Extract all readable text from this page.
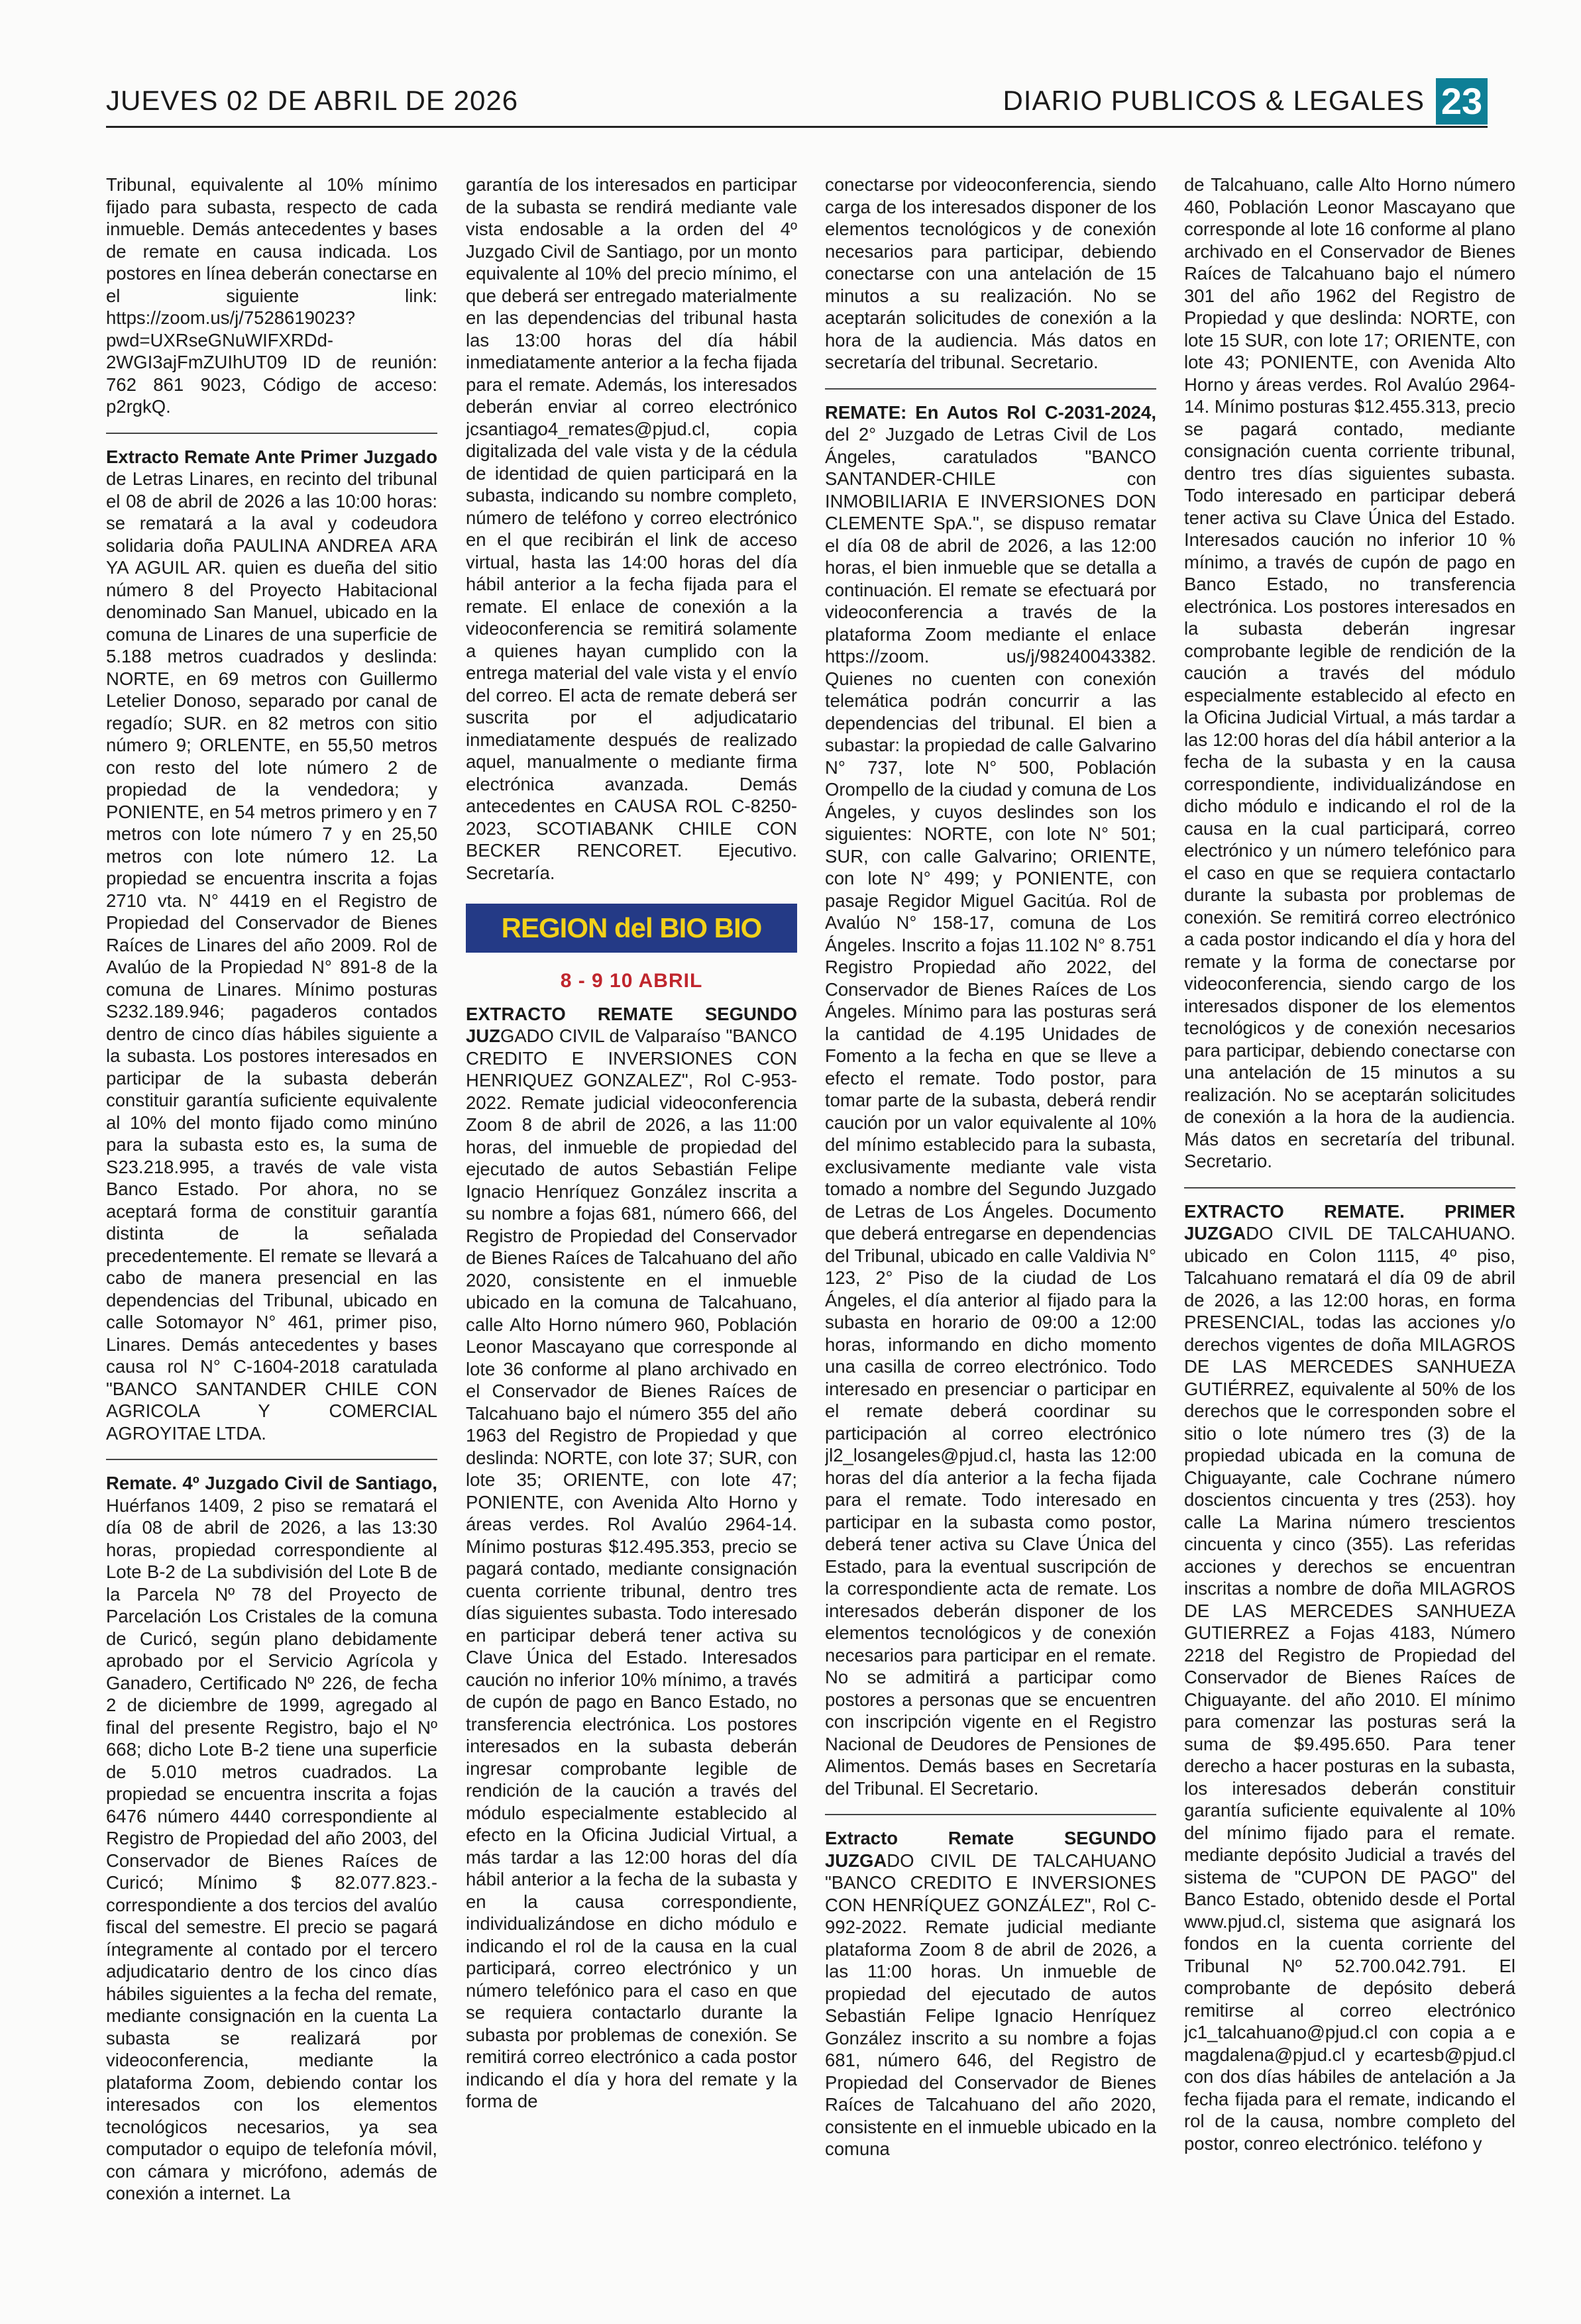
JUEVES 02 DE ABRIL DE 2026	DIARIO PUBLICOS & LEGALES 23

Tribunal, equivalente al 10% mínimo fijado para subasta, respecto de cada inmueble. Demás antecedentes y bases de remate en causa indicada. Los postores en línea deberán conectarse en el siguiente link: https://zoom.us/j/7528619023?pwd=UXRseGNuWIFXRDd-2WGI3ajFmZUIhUT09 ID de reunión: 762 861 9023, Código de acceso: p2rgkQ.

Extracto Remate Ante Primer Juzgado de Letras Linares, en recinto del tribunal el 08 de abril de 2026 a las 10:00 horas: se rematará a la aval y codeudora solidaria doña PAULINA ANDREA ARA YA AGUIL AR. quien es dueña del sitio número 8 del Proyecto Habitacional denominado San Manuel, ubicado en la comuna de Linares de una superficie de 5.188 metros cuadrados y deslinda: NORTE, en 69 metros con Guillermo Letelier Donoso, separado por canal de regadío; SUR. en 82 metros con sitio número 9; ORLENTE, en 55,50 metros con resto del lote número 2 de propiedad de la vendedora; y PONIENTE, en 54 metros primero y en 7 metros con lote número 7 y en 25,50 metros con lote número 12. La propiedad se encuentra inscrita a fojas 2710 vta. N° 4419 en el Registro de Propiedad del Conservador de Bienes Raíces de Linares del año 2009. Rol de Avalúo de la Propiedad N° 891-8 de la comuna de Linares. Mínimo posturas S232.189.946; pagaderos contados dentro de cinco días hábiles siguiente a la subasta. Los postores interesados en participar de la subasta deberán constituir garantía suficiente equivalente al 10% del monto fijado como minúno para la subasta esto es, la suma de S23.218.995, a través de vale vista Banco Estado. Por ahora, no se aceptará forma de constituir garantía distinta de la señalada precedentemente. El remate se llevará a cabo de manera presencial en las dependencias del Tribunal, ubicado en calle Sotomayor N° 461, primer piso, Linares. Demás antecedentes y bases causa rol N° C-1604-2018 caratulada "BANCO SANTANDER CHILE CON AGRICOLA Y COMERCIAL AGROYITAE LTDA.

Remate. 4º Juzgado Civil de Santiago, Huérfanos 1409, 2 piso se rematará el día 08 de abril de 2026, a las 13:30 horas, propiedad correspondiente al Lote B-2 de La subdivisión del Lote B de la Parcela Nº 78 del Proyecto de Parcelación Los Cristales de la comuna de Curicó, según plano debidamente aprobado por el Servicio Agrícola y Ganadero, Certificado Nº 226, de fecha 2 de diciembre de 1999, agregado al final del presente Registro, bajo el Nº 668; dicho Lote B-2 tiene una superficie de 5.010 metros cuadrados. La propiedad se encuentra inscrita a fojas 6476 número 4440 correspondiente al Registro de Propiedad del año 2003, del Conservador de Bienes Raíces de Curicó; Mínimo $ 82.077.823.- correspondiente a dos tercios del avalúo fiscal del semestre. El precio se pagará íntegramente al contado por el tercero adjudicatario dentro de los cinco días hábiles siguientes a la fecha del remate, mediante consignación en la cuenta La subasta se realizará por videoconferencia, mediante la plataforma Zoom, debiendo contar los interesados con los elementos tecnológicos necesarios, ya sea computador o equipo de telefonía móvil, con cámara y micrófono, además de conexión a internet. La

garantía de los interesados en participar de la subasta se rendirá mediante vale vista endosable a la orden del 4º Juzgado Civil de Santiago, por un monto equivalente al 10% del precio mínimo, el que deberá ser entregado materialmente en las dependencias del tribunal hasta las 13:00 horas del día hábil inmediatamente anterior a la fecha fijada para el remate. Además, los interesados deberán enviar al correo electrónico jcsantiago4_remates@pjud.cl, copia digitalizada del vale vista y de la cédula de identidad de quien participará en la subasta, indicando su nombre completo, número de teléfono y correo electrónico en el que recibirán el link de acceso virtual, hasta las 14:00 horas del día hábil anterior a la fecha fijada para el remate. El enlace de conexión a la videoconferencia se remitirá solamente a quienes hayan cumplido con la entrega material del vale vista y el envío del correo. El acta de remate deberá ser suscrita por el adjudicatario inmediatamente después de realizado aquel, manualmente o mediante firma electrónica avanzada. Demás antecedentes en CAUSA ROL C-8250-2023, SCOTIABANK CHILE CON BECKER RENCORET. Ejecutivo. Secretaría.

REGION del BIO BIO
8 - 9 10 ABRIL

EXTRACTO REMATE SEGUNDO JUZGADO CIVIL de Valparaíso "BANCO CREDITO E INVERSIONES CON HENRIQUEZ GONZALEZ", Rol C-953-2022. Remate judicial videoconferencia Zoom 8 de abril de 2026, a las 11:00 horas, del inmueble de propiedad del ejecutado de autos Sebastián Felipe Ignacio Henríquez González inscrita a su nombre a fojas 681, número 666, del Registro de Propiedad del Conservador de Bienes Raíces de Talcahuano del año 2020, consistente en el inmueble ubicado en la comuna de Talcahuano, calle Alto Horno número 960, Población Leonor Mascayano que corresponde al lote 36 conforme al plano archivado en el Conservador de Bienes Raíces de Talcahuano bajo el número 355 del año 1963 del Registro de Propiedad y que deslinda: NORTE, con lote 37; SUR, con lote 35; ORIENTE, con lote 47; PONIENTE, con Avenida Alto Horno y áreas verdes. Rol Avalúo 2964-14. Mínimo posturas $12.495.353, precio se pagará contado, mediante consignación cuenta corriente tribunal, dentro tres días siguientes subasta. Todo interesado en participar deberá tener activa su Clave Única del Estado. Interesados caución no inferior 10% mínimo, a través de cupón de pago en Banco Estado, no transferencia electrónica. Los postores interesados en la subasta deberán ingresar comprobante legible de rendición de la caución a través del módulo especialmente establecido al efecto en la Oficina Judicial Virtual, a más tardar a las 12:00 horas del día hábil anterior a la fecha de la subasta y en la causa correspondiente, individualizándose en dicho módulo e indicando el rol de la causa en la cual participará, correo electrónico y un número telefónico para el caso en que se requiera contactarlo durante la subasta por problemas de conexión. Se remitirá correo electrónico a cada postor indicando el día y hora del remate y la forma de

conectarse por videoconferencia, siendo carga de los interesados disponer de los elementos tecnológicos y de conexión necesarios para participar, debiendo conectarse con una antelación de 15 minutos a su realización. No se aceptarán solicitudes de conexión a la hora de la audiencia. Más datos en secretaría del tribunal. Secretario.

REMATE: En Autos Rol C-2031-2024, del 2° Juzgado de Letras Civil de Los Ángeles, caratulados "BANCO SANTANDER-CHILE con INMOBILIARIA E INVERSIONES DON CLEMENTE SpA.", se dispuso rematar el día 08 de abril de 2026, a las 12:00 horas, el bien inmueble que se detalla a continuación. El remate se efectuará por videoconferencia a través de la plataforma Zoom mediante el enlace https://zoom. us/j/98240043382. Quienes no cuenten con conexión telemática podrán concurrir a las dependencias del tribunal. El bien a subastar: la propiedad de calle Galvarino N° 737, lote N° 500, Población Orompello de la ciudad y comuna de Los Ángeles, y cuyos deslindes son los siguientes: NORTE, con lote N° 501; SUR, con calle Galvarino; ORIENTE, con lote N° 499; y PONIENTE, con pasaje Regidor Miguel Gacitúa. Rol de Avalúo N° 158-17, comuna de Los Ángeles. Inscrito a fojas 11.102 N° 8.751 Registro Propiedad año 2022, del Conservador de Bienes Raíces de Los Ángeles. Mínimo para las posturas será la cantidad de 4.195 Unidades de Fomento a la fecha en que se lleve a efecto el remate. Todo postor, para tomar parte de la subasta, deberá rendir caución por un valor equivalente al 10% del mínimo establecido para la subasta, exclusivamente mediante vale vista tomado a nombre del Segundo Juzgado de Letras de Los Ángeles. Documento que deberá entregarse en dependencias del Tribunal, ubicado en calle Valdivia N° 123, 2° Piso de la ciudad de Los Ángeles, el día anterior al fijado para la subasta en horario de 09:00 a 12:00 horas, informando en dicho momento una casilla de correo electrónico. Todo interesado en presenciar o participar en el remate deberá coordinar su participación al correo electrónico jl2_losangeles@pjud.cl, hasta las 12:00 horas del día anterior a la fecha fijada para el remate. Todo interesado en participar en la subasta como postor, deberá tener activa su Clave Única del Estado, para la eventual suscripción de la correspondiente acta de remate. Los interesados deberán disponer de los elementos tecnológicos y de conexión necesarios para participar en el remate. No se admitirá a participar como postores a personas que se encuentren con inscripción vigente en el Registro Nacional de Deudores de Pensiones de Alimentos. Demás bases en Secretaría del Tribunal. El Secretario.

Extracto Remate SEGUNDO JUZGADO CIVIL DE TALCAHUANO "BANCO CREDITO E INVERSIONES CON HENRÍQUEZ GONZÁLEZ", Rol C-992-2022. Remate judicial mediante plataforma Zoom 8 de abril de 2026, a las 11:00 horas. Un inmueble de propiedad del ejecutado de autos Sebastián Felipe Ignacio Henríquez González inscrito a su nombre a fojas 681, número 646, del Registro de Propiedad del Conservador de Bienes Raíces de Talcahuano del año 2020, consistente en el inmueble ubicado en la comuna

de Talcahuano, calle Alto Horno número 460, Población Leonor Mascayano que corresponde al lote 16 conforme al plano archivado en el Conservador de Bienes Raíces de Talcahuano bajo el número 301 del año 1962 del Registro de Propiedad y que deslinda: NORTE, con lote 15 SUR, con lote 17; ORIENTE, con lote 43; PONIENTE, con Avenida Alto Horno y áreas verdes. Rol Avalúo 2964-14. Mínimo posturas $12.455.313, precio se pagará contado, mediante consignación cuenta corriente tribunal, dentro tres días siguientes subasta. Todo interesado en participar deberá tener activa su Clave Única del Estado. Interesados caución no inferior 10 % mínimo, a través de cupón de pago en Banco Estado, no transferencia electrónica. Los postores interesados en la subasta deberán ingresar comprobante legible de rendición de la caución a través del módulo especialmente establecido al efecto en la Oficina Judicial Virtual, a más tardar a las 12:00 horas del día hábil anterior a la fecha de la subasta y en la causa correspondiente, individualizándose en dicho módulo e indicando el rol de la causa en la cual participará, correo electrónico y un número telefónico para el caso en que se requiera contactarlo durante la subasta por problemas de conexión. Se remitirá correo electrónico a cada postor indicando el día y hora del remate y la forma de conectarse por videoconferencia, siendo cargo de los interesados disponer de los elementos tecnológicos y de conexión necesarios para participar, debiendo conectarse con una antelación de 15 minutos a su realización. No se aceptarán solicitudes de conexión a la hora de la audiencia. Más datos en secretaría del tribunal. Secretario.

EXTRACTO REMATE. PRIMER JUZGADO CIVIL DE TALCAHUANO. ubicado en Colon 1115, 4º piso, Talcahuano rematará el día 09 de abril de 2026, a las 12:00 horas, en forma PRESENCIAL, todas las acciones y/o derechos vigentes de doña MILAGROS DE LAS MERCEDES SANHUEZA GUTIÉRREZ, equivalente al 50% de los derechos que le corresponden sobre el sitio o lote número tres (3) de la propiedad ubicada en la comuna de Chiguayante, cale Cochrane número doscientos cincuenta y tres (253). hoy calle La Marina número trescientos cincuenta y cinco (355). Las referidas acciones y derechos se encuentran inscritas a nombre de doña MILAGROS DE LAS MERCEDES SANHUEZA GUTIERREZ a Fojas 4183, Número 2218 del Registro de Propiedad del Conservador de Bienes Raíces de Chiguayante. del año 2010. El mínimo para comenzar las posturas será la suma de $9.495.650. Para tener derecho a hacer posturas en la subasta, los interesados deberán constituir garantía suficiente equivalente al 10% del mínimo fijado para el remate. mediante depósito Judicial a través del sistema de "CUPON DE PAGO" del Banco Estado, obtenido desde el Portal www.pjud.cl, sistema que asignará los fondos en la cuenta corriente del Tribunal Nº 52.700.042.791. El comprobante de depósito deberá remitirse al correo electrónico jc1_talcahuano@pjud.cl con copia a e magdalena@pjud.cl y ecartesb@pjud.cl con dos días hábiles de antelación a Ja fecha fijada para el remate, indicando el rol de la causa, nombre completo del postor, conreo electrónico. teléfono y
